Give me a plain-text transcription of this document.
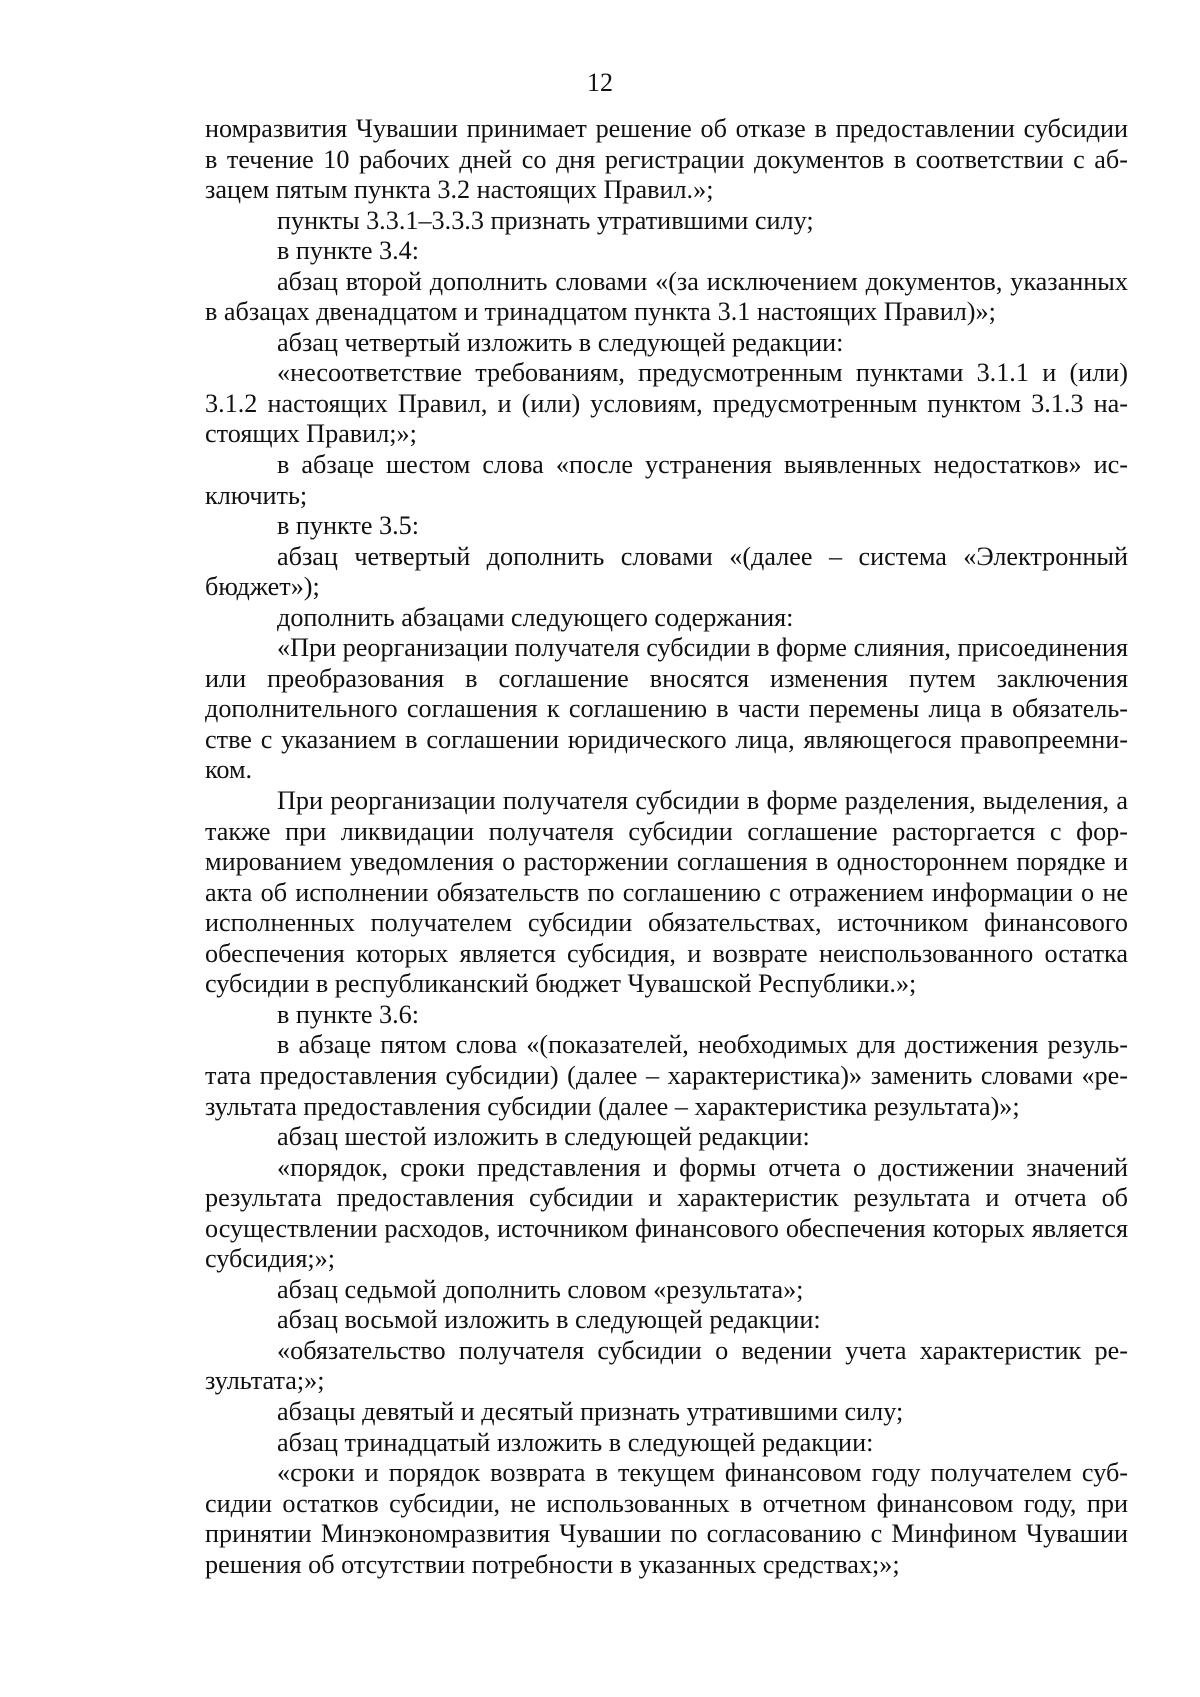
12

номразвития Чувашии принимает решение об отказе в предоставлении субсидии в течение 10 рабочих дней со дня регистрации документов в соответствии с абзацем пятым пункта 3.2 настоящих Правил.»;

пункты 3.3.1–3.3.3 признать утратившими силу;

в пункте 3.4:

абзац второй дополнить словами «(за исключением документов, указанных в абзацах двенадцатом и тринадцатом пункта 3.1 настоящих Правил)»;

абзац четвертый изложить в следующей редакции:

«несоответствие требованиям, предусмотренным пунктами 3.1.1 и (или) 3.1.2 настоящих Правил, и (или) условиям, предусмотренным пунктом 3.1.3 настоящих Правил;»;

в абзаце шестом слова «после устранения выявленных недостатков» исключить;

в пункте 3.5:

абзац четвертый дополнить словами «(далее – система «Электронный бюджет»);

дополнить абзацами следующего содержания:

«При реорганизации получателя субсидии в форме слияния, присоединения или преобразования в соглашение вносятся изменения путем заключения дополнительного соглашения к соглашению в части перемены лица в обязательстве с указанием в соглашении юридического лица, являющегося правопреемником.

При реорганизации получателя субсидии в форме разделения, выделения, а также при ликвидации получателя субсидии соглашение расторгается с формированием уведомления о расторжении соглашения в одностороннем порядке и акта об исполнении обязательств по соглашению с отражением информации о не исполненных получателем субсидии обязательствах, источником финансового обеспечения которых является субсидия, и возврате неиспользованного остатка субсидии в республиканский бюджет Чувашской Республики.»;

в пункте 3.6:

в абзаце пятом слова «(показателей, необходимых для достижения результата предоставления субсидии) (далее – характеристика)» заменить словами «результата предоставления субсидии (далее – характеристика результата)»;

абзац шестой изложить в следующей редакции:

«порядок, сроки представления и формы отчета о достижении значений результата предоставления субсидии и характеристик результата и отчета об осуществлении расходов, источником финансового обеспечения которых является субсидия;»;

абзац седьмой дополнить словом «результата»;

абзац восьмой изложить в следующей редакции:

«обязательство получателя субсидии о ведении учета характеристик результата;»;

абзацы девятый и десятый признать утратившими силу;

абзац тринадцатый изложить в следующей редакции:

«сроки и порядок возврата в текущем финансовом году получателем субсидии остатков субсидии, не использованных в отчетном финансовом году, при принятии Минэкономразвития Чувашии по согласованию с Минфином Чувашии решения об отсутствии потребности в указанных средствах;»;
